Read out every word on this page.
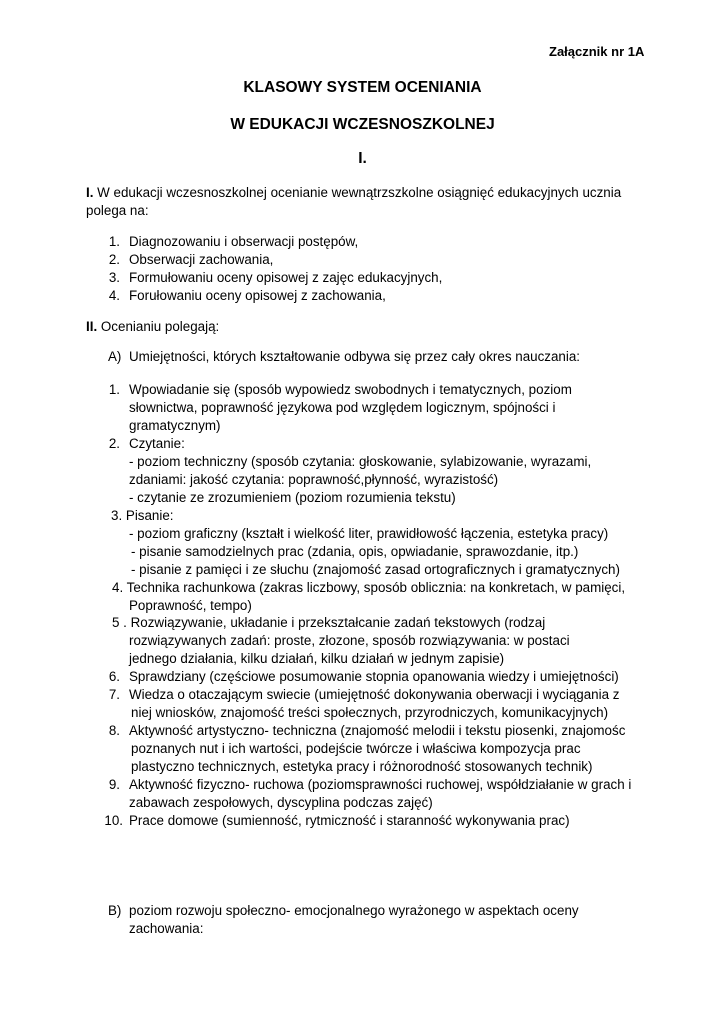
Załącznik nr 1A
KLASOWY SYSTEM OCENIANIA
W EDUKACJI WCZESNOSZKOLNEJ
I.
I. W edukacji wczesnoszkolnej ocenianie wewnątrzszkolne osiągnięć edukacyjnych ucznia
polega na:
1. Diagnozowaniu i obserwacji postępów,
2. Obserwacji zachowania,
3. Formułowaniu oceny opisowej z zajęc edukacyjnych,
4. Forułowaniu oceny opisowej z zachowania,
II. Ocenianiu polegają:
A) Umiejętności, których kształtowanie odbywa się przez cały okres nauczania:
1. Wpowiadanie się (sposób wypowiedz swobodnych i tematycznych, poziom
słownictwa, poprawność językowa pod względem logicznym, spójności i
gramatycznym)
2. Czytanie:
- poziom techniczny (sposób czytania: głoskowanie, sylabizowanie, wyrazami,
zdaniami: jakość czytania: poprawność,płynność, wyrazistość)
- czytanie ze zrozumieniem (poziom rozumienia tekstu)
3. Pisanie:
- poziom graficzny (kształt i wielkość liter, prawidłowość łączenia, estetyka pracy)
- pisanie samodzielnych prac (zdania, opis, opwiadanie, sprawozdanie, itp.)
- pisanie z pamięci i ze słuchu (znajomość zasad ortograficznych i gramatycznych)
4. Technika rachunkowa (zakras liczbowy, sposób oblicznia: na konkretach, w pamięci,
Poprawność, tempo)
5 . Rozwiązywanie, układanie i przekształcanie zadań tekstowych (rodzaj
rozwiązywanych zadań: proste, złozone, sposób rozwiązywania: w postaci
jednego działania, kilku działań, kilku działań w jednym zapisie)
6. Sprawdziany (częściowe posumowanie stopnia opanowania wiedzy i umiejętności)
7. Wiedza o otaczającym swiecie (umiejętność dokonywania oberwacji i wyciągania z
niej wniosków, znajomość treści społecznych, przyrodniczych, komunikacyjnych)
8. Aktywność artystyczno- techniczna (znajomość melodii i tekstu piosenki, znajomośc
poznanych nut i ich wartości, podejście twórcze i właściwa kompozycja prac
plastyczno technicznych, estetyka pracy i różnorodność stosowanych technik)
9. Aktywność fizyczno- ruchowa (poziomsprawności ruchowej, współdziałanie w grach i
zabawach zespołowych, dyscyplina podczas zajęć)
10. Prace domowe (sumienność, rytmiczność i staranność wykonywania prac)
B) poziom rozwoju społeczno- emocjonalnego wyrażonego w aspektach oceny
zachowania:
